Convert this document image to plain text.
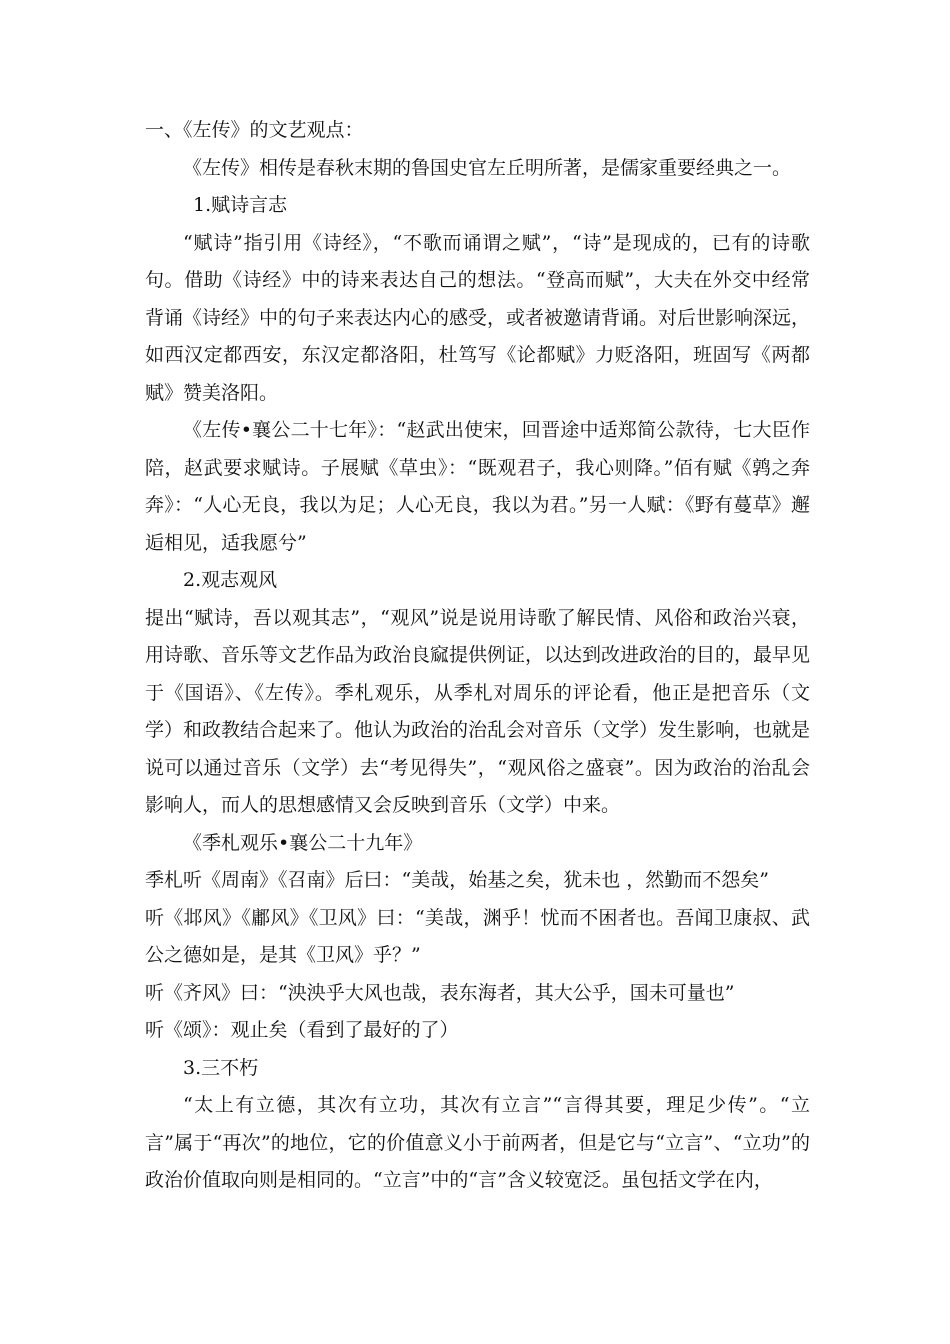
一、《左传》的文艺观点：

《左传》相传是春秋末期的鲁国史官左丘明所著，是儒家重要经典之一。

1.赋诗言志

“赋诗”指引用《诗经》，“不歌而诵谓之赋”，“诗”是现成的，已有的诗歌句。借助《诗经》中的诗来表达自己的想法。“登高而赋”，大夫在外交中经常背诵《诗经》中的句子来表达内心的感受，或者被邀请背诵。对后世影响深远，如西汉定都西安，东汉定都洛阳，杜笃写《论都赋》力贬洛阳，班固写《两都赋》赞美洛阳。

《左传•襄公二十七年》：“赵武出使宋，回晋途中适郑简公款待，七大臣作陪，赵武要求赋诗。子展赋《草虫》：“既观君子，我心则降。”佰有赋《鹑之奔奔》：“人心无良，我以为足；人心无良，我以为君。”另一人赋：《野有蔓草》邂逅相见，适我愿兮”

2.观志观风

提出“赋诗，吾以观其志”，“观风”说是说用诗歌了解民情、风俗和政治兴衰，用诗歌、音乐等文艺作品为政治良窳提供例证，以达到改进政治的目的，最早见于《国语》、《左传》。季札观乐，从季札对周乐的评论看，他正是把音乐（文学）和政教结合起来了。他认为政治的治乱会对音乐（文学）发生影响，也就是说可以通过音乐（文学）去“考见得失”，“观风俗之盛衰”。因为政治的治乱会影响人，而人的思想感情又会反映到音乐（文学）中来。

《季札观乐•襄公二十九年》

季札听《周南》《召南》后曰：“美哉，始基之矣，犹未也 ，然勤而不怨矣”

听《邶风》《鄘风》《卫风》曰：“美哉，渊乎！忧而不困者也。吾闻卫康叔、武公之德如是，是其《卫风》乎？”

听《齐风》曰：“泱泱乎大风也哉，表东海者，其大公乎，国未可量也”

听《颂》：观止矣（看到了最好的了）

3.三不朽

“太上有立德，其次有立功，其次有立言”“言得其要，理足少传”。“立言”属于“再次”的地位，它的价值意义小于前两者，但是它与“立言”、“立功”的政治价值取向则是相同的。“立言”中的“言”含义较宽泛。虽包括文学在内，
